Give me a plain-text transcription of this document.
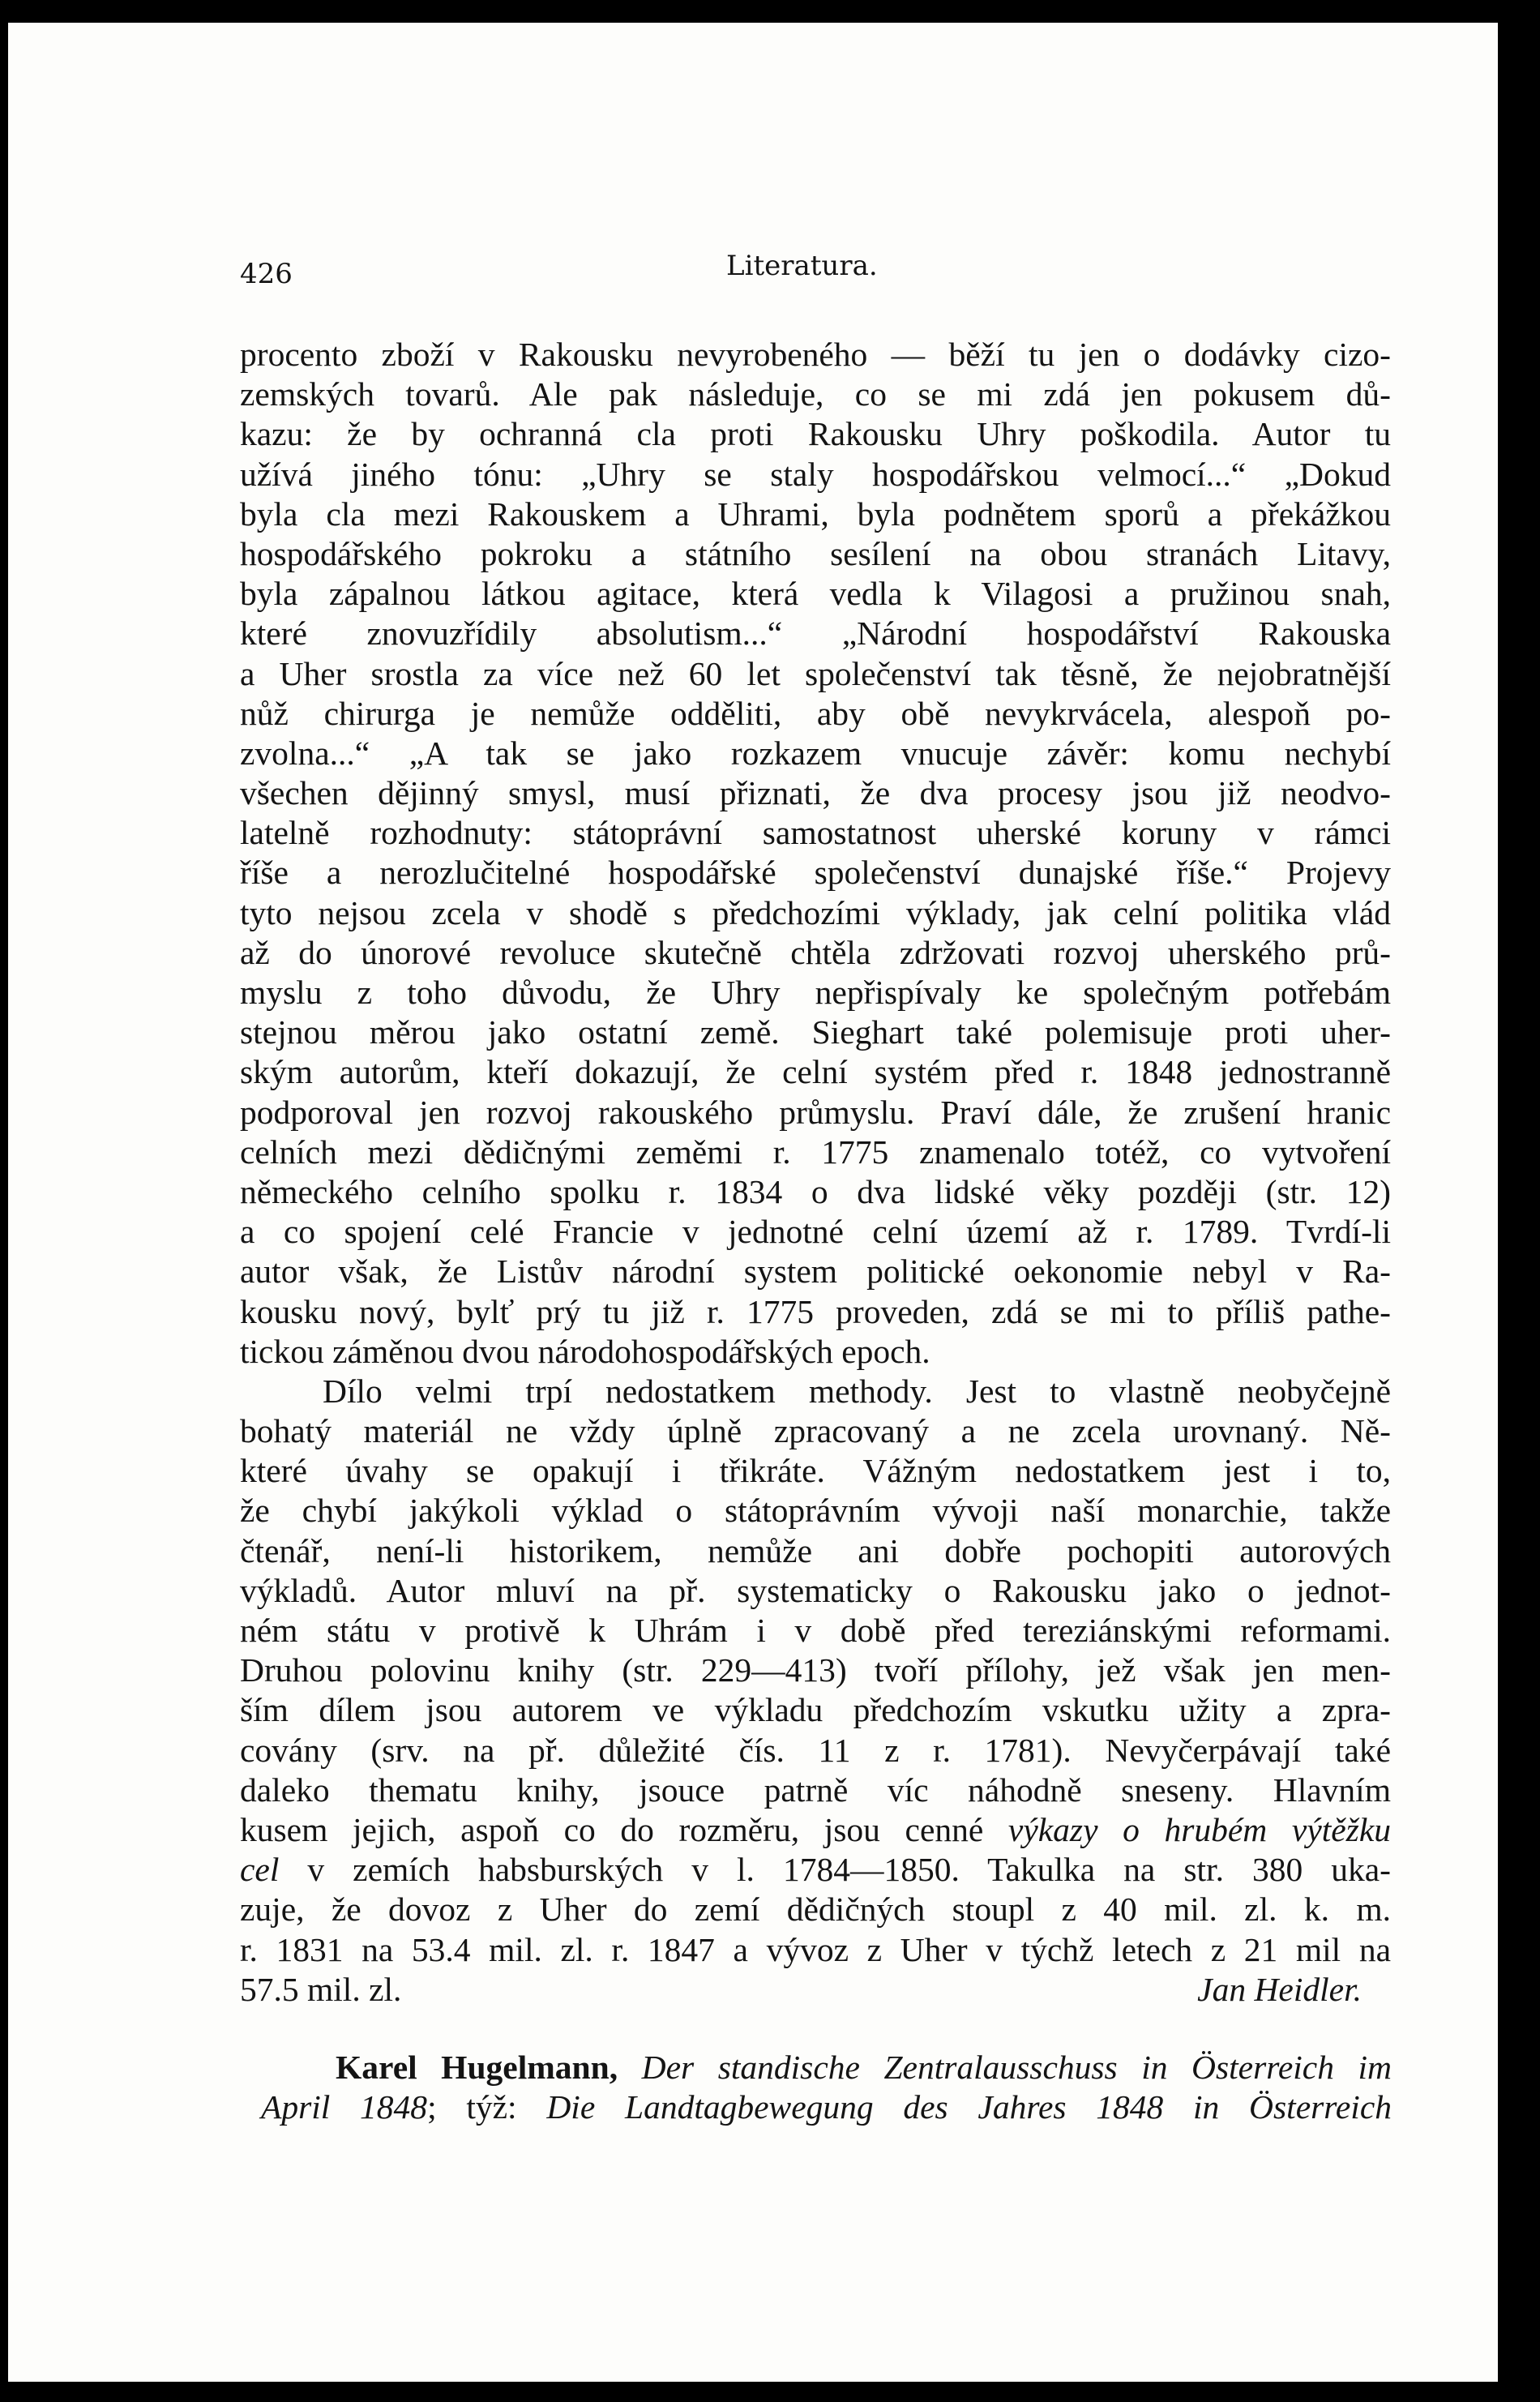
426	Literatura.
procento zboží v Rakousku nevyrobeného — běží tu jen o dodávky cizo-
zemských tovarů. Ale pak následuje, co se mi zdá jen pokusem dů-
kazu: že by ochranná cla proti Rakousku Uhry poškodila. Autor tu
užívá jiného tónu: „Uhry se staly hospodářskou velmocí...“ „Dokud
byla cla mezi Rakouskem a Uhrami, byla podnětem sporů a překážkou
hospodářského pokroku a státního sesílení na obou stranách Litavy,
byla zápalnou látkou agitace, která vedla k Vilagosi a pružinou snah,
které znovuzřídily absolutism...“ „Národní hospodářství Rakouska
a Uher srostla za více než 60 let společenství tak těsně, že nejobratnější
nůž chirurga je nemůže odděliti, aby obě nevykrvácela, alespoň po-
zvolna...“ „A tak se jako rozkazem vnucuje závěr: komu nechybí
všechen dějinný smysl, musí přiznati, že dva procesy jsou již neodvo-
latelně rozhodnuty: státoprávní samostatnost uherské koruny v rámci
říše a nerozlučitelné hospodářské společenství dunajské říše.“ Projevy
tyto nejsou zcela v shodě s předchozími výklady, jak celní politika vlád
až do únorové revoluce skutečně chtěla zdržovati rozvoj uherského prů-
myslu z toho důvodu, že Uhry nepřispívaly ke společným potřebám
stejnou měrou jako ostatní země. Sieghart také polemisuje proti uher-
ským autorům, kteří dokazují, že celní systém před r. 1848 jednostranně
podporoval jen rozvoj rakouského průmyslu. Praví dále, že zrušení hranic
celních mezi dědičnými zeměmi r. 1775 znamenalo totéž, co vytvoření
německého celního spolku r. 1834 o dva lidské věky později (str. 12)
a co spojení celé Francie v jednotné celní území až r. 1789. Tvrdí-li
autor však, že Listův národní system politické oekonomie nebyl v Ra-
kousku nový, bylť prý tu již r. 1775 proveden, zdá se mi to příliš pathe-
tickou záměnou dvou národohospodářských epoch.
Dílo velmi trpí nedostatkem methody. Jest to vlastně neobyčejně
bohatý materiál ne vždy úplně zpracovaný a ne zcela urovnaný. Ně-
které úvahy se opakují i třikráte. Vážným nedostatkem jest i to,
že chybí jakýkoli výklad o státoprávním vývoji naší monarchie, takže
čtenář, není-li historikem, nemůže ani dobře pochopiti autorových
výkladů. Autor mluví na př. systematicky o Rakousku jako o jednot-
ném státu v protivě k Uhrám i v době před tereziánskými reformami.
Druhou polovinu knihy (str. 229—413) tvoří přílohy, jež však jen men-
ším dílem jsou autorem ve výkladu předchozím vskutku užity a zpra-
covány (srv. na př. důležité čís. 11 z r. 1781). Nevyčerpávají také
daleko thematu knihy, jsouce patrně víc náhodně sneseny. Hlavním
kusem jejich, aspoň co do rozměru, jsou cenné výkazy o hrubém výtěžku
cel v zemích habsburských v l. 1784—1850. Takulka na str. 380 uka-
zuje, že dovoz z Uher do zemí dědičných stoupl z 40 mil. zl. k. m.
r. 1831 na 53.4 mil. zl. r. 1847 a vývoz z Uher v týchž letech z 21 mil na
57.5 mil. zl.	Jan Heidler.
Karel Hugelmann, Der standische Zentralausschuss in Österreich im
April 1848; týž: Die Landtagbewegung des Jahres 1848 in Österreich
